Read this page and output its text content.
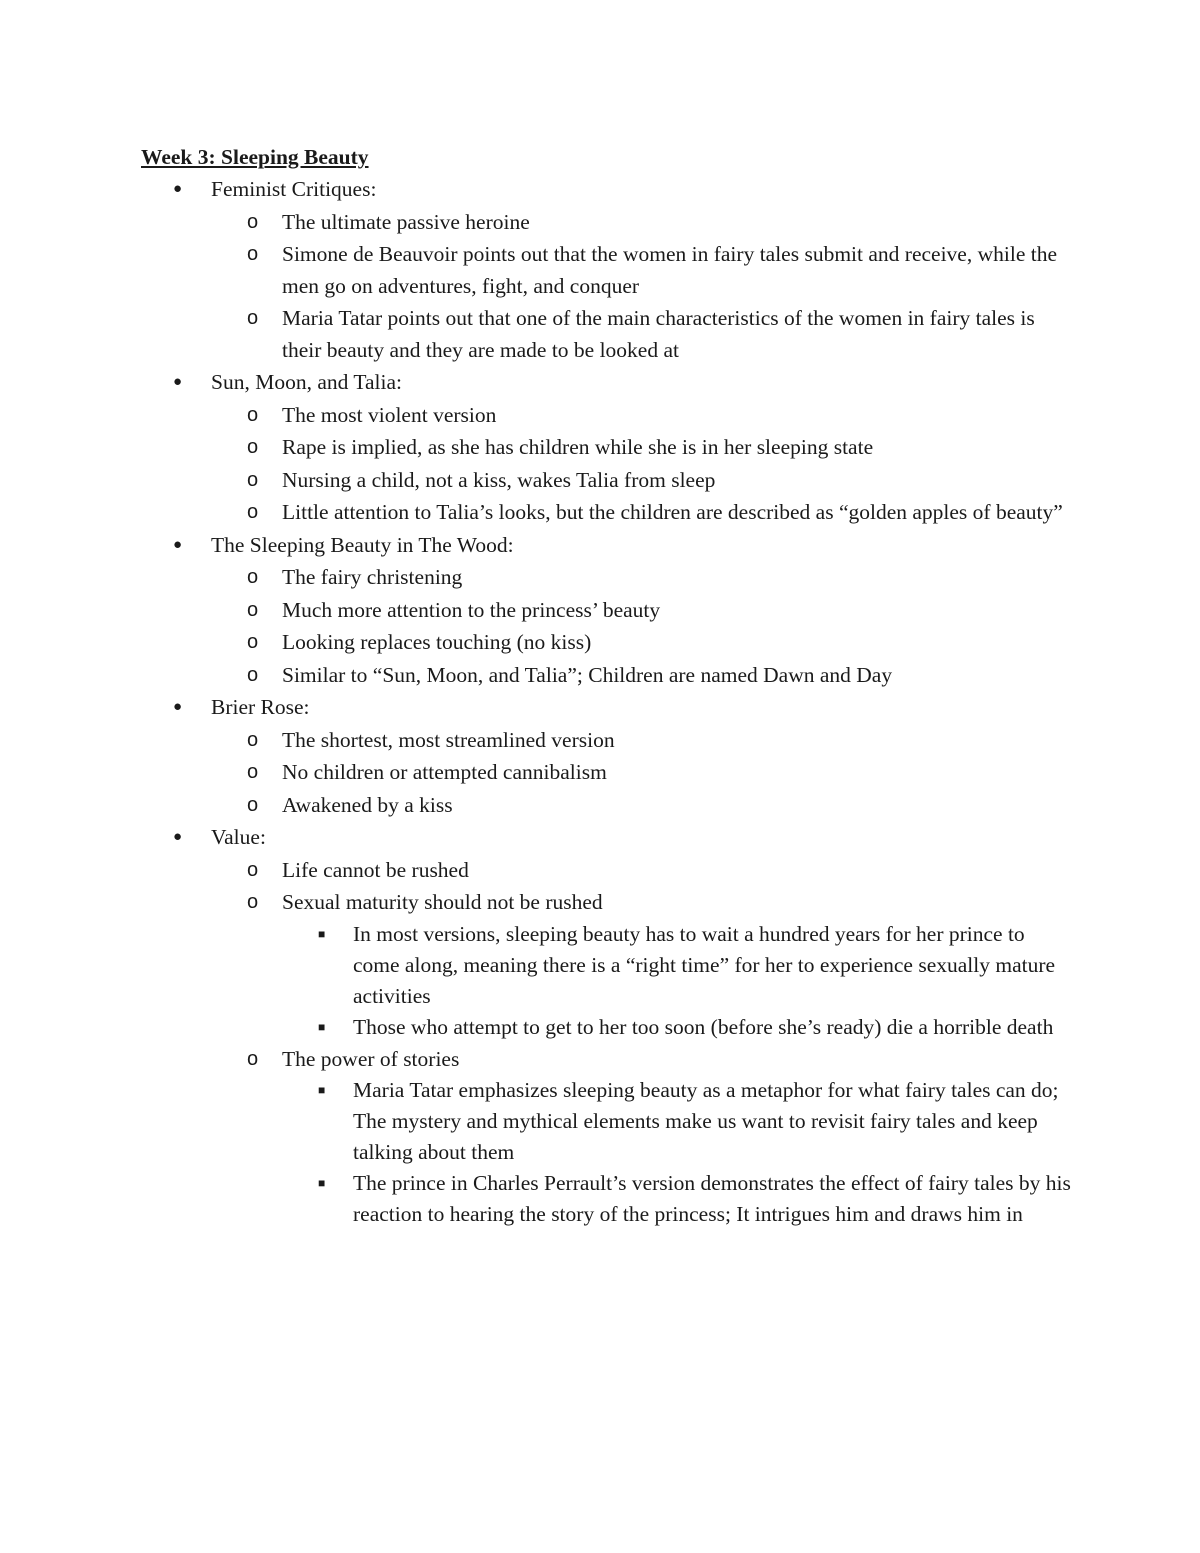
Week 3: Sleeping Beauty
● Feminist Critiques:
o The ultimate passive heroine
o Simone de Beauvoir points out that the women in fairy tales submit and receive, while the men go on adventures, fight, and conquer
o Maria Tatar points out that one of the main characteristics of the women in fairy tales is their beauty and they are made to be looked at
● Sun, Moon, and Talia:
o The most violent version
o Rape is implied, as she has children while she is in her sleeping state
o Nursing a child, not a kiss, wakes Talia from sleep
o Little attention to Talia’s looks, but the children are described as “golden apples of beauty”
● The Sleeping Beauty in The Wood:
o The fairy christening
o Much more attention to the princess’ beauty
o Looking replaces touching (no kiss)
o Similar to “Sun, Moon, and Talia”; Children are named Dawn and Day
● Brier Rose:
o The shortest, most streamlined version
o No children or attempted cannibalism
o Awakened by a kiss
● Value:
o Life cannot be rushed
o Sexual maturity should not be rushed
■ In most versions, sleeping beauty has to wait a hundred years for her prince to come along, meaning there is a “right time” for her to experience sexually mature activities
■ Those who attempt to get to her too soon (before she’s ready) die a horrible death
o The power of stories
■ Maria Tatar emphasizes sleeping beauty as a metaphor for what fairy tales can do; The mystery and mythical elements make us want to revisit fairy tales and keep talking about them
■ The prince in Charles Perrault’s version demonstrates the effect of fairy tales by his reaction to hearing the story of the princess; It intrigues him and draws him in
